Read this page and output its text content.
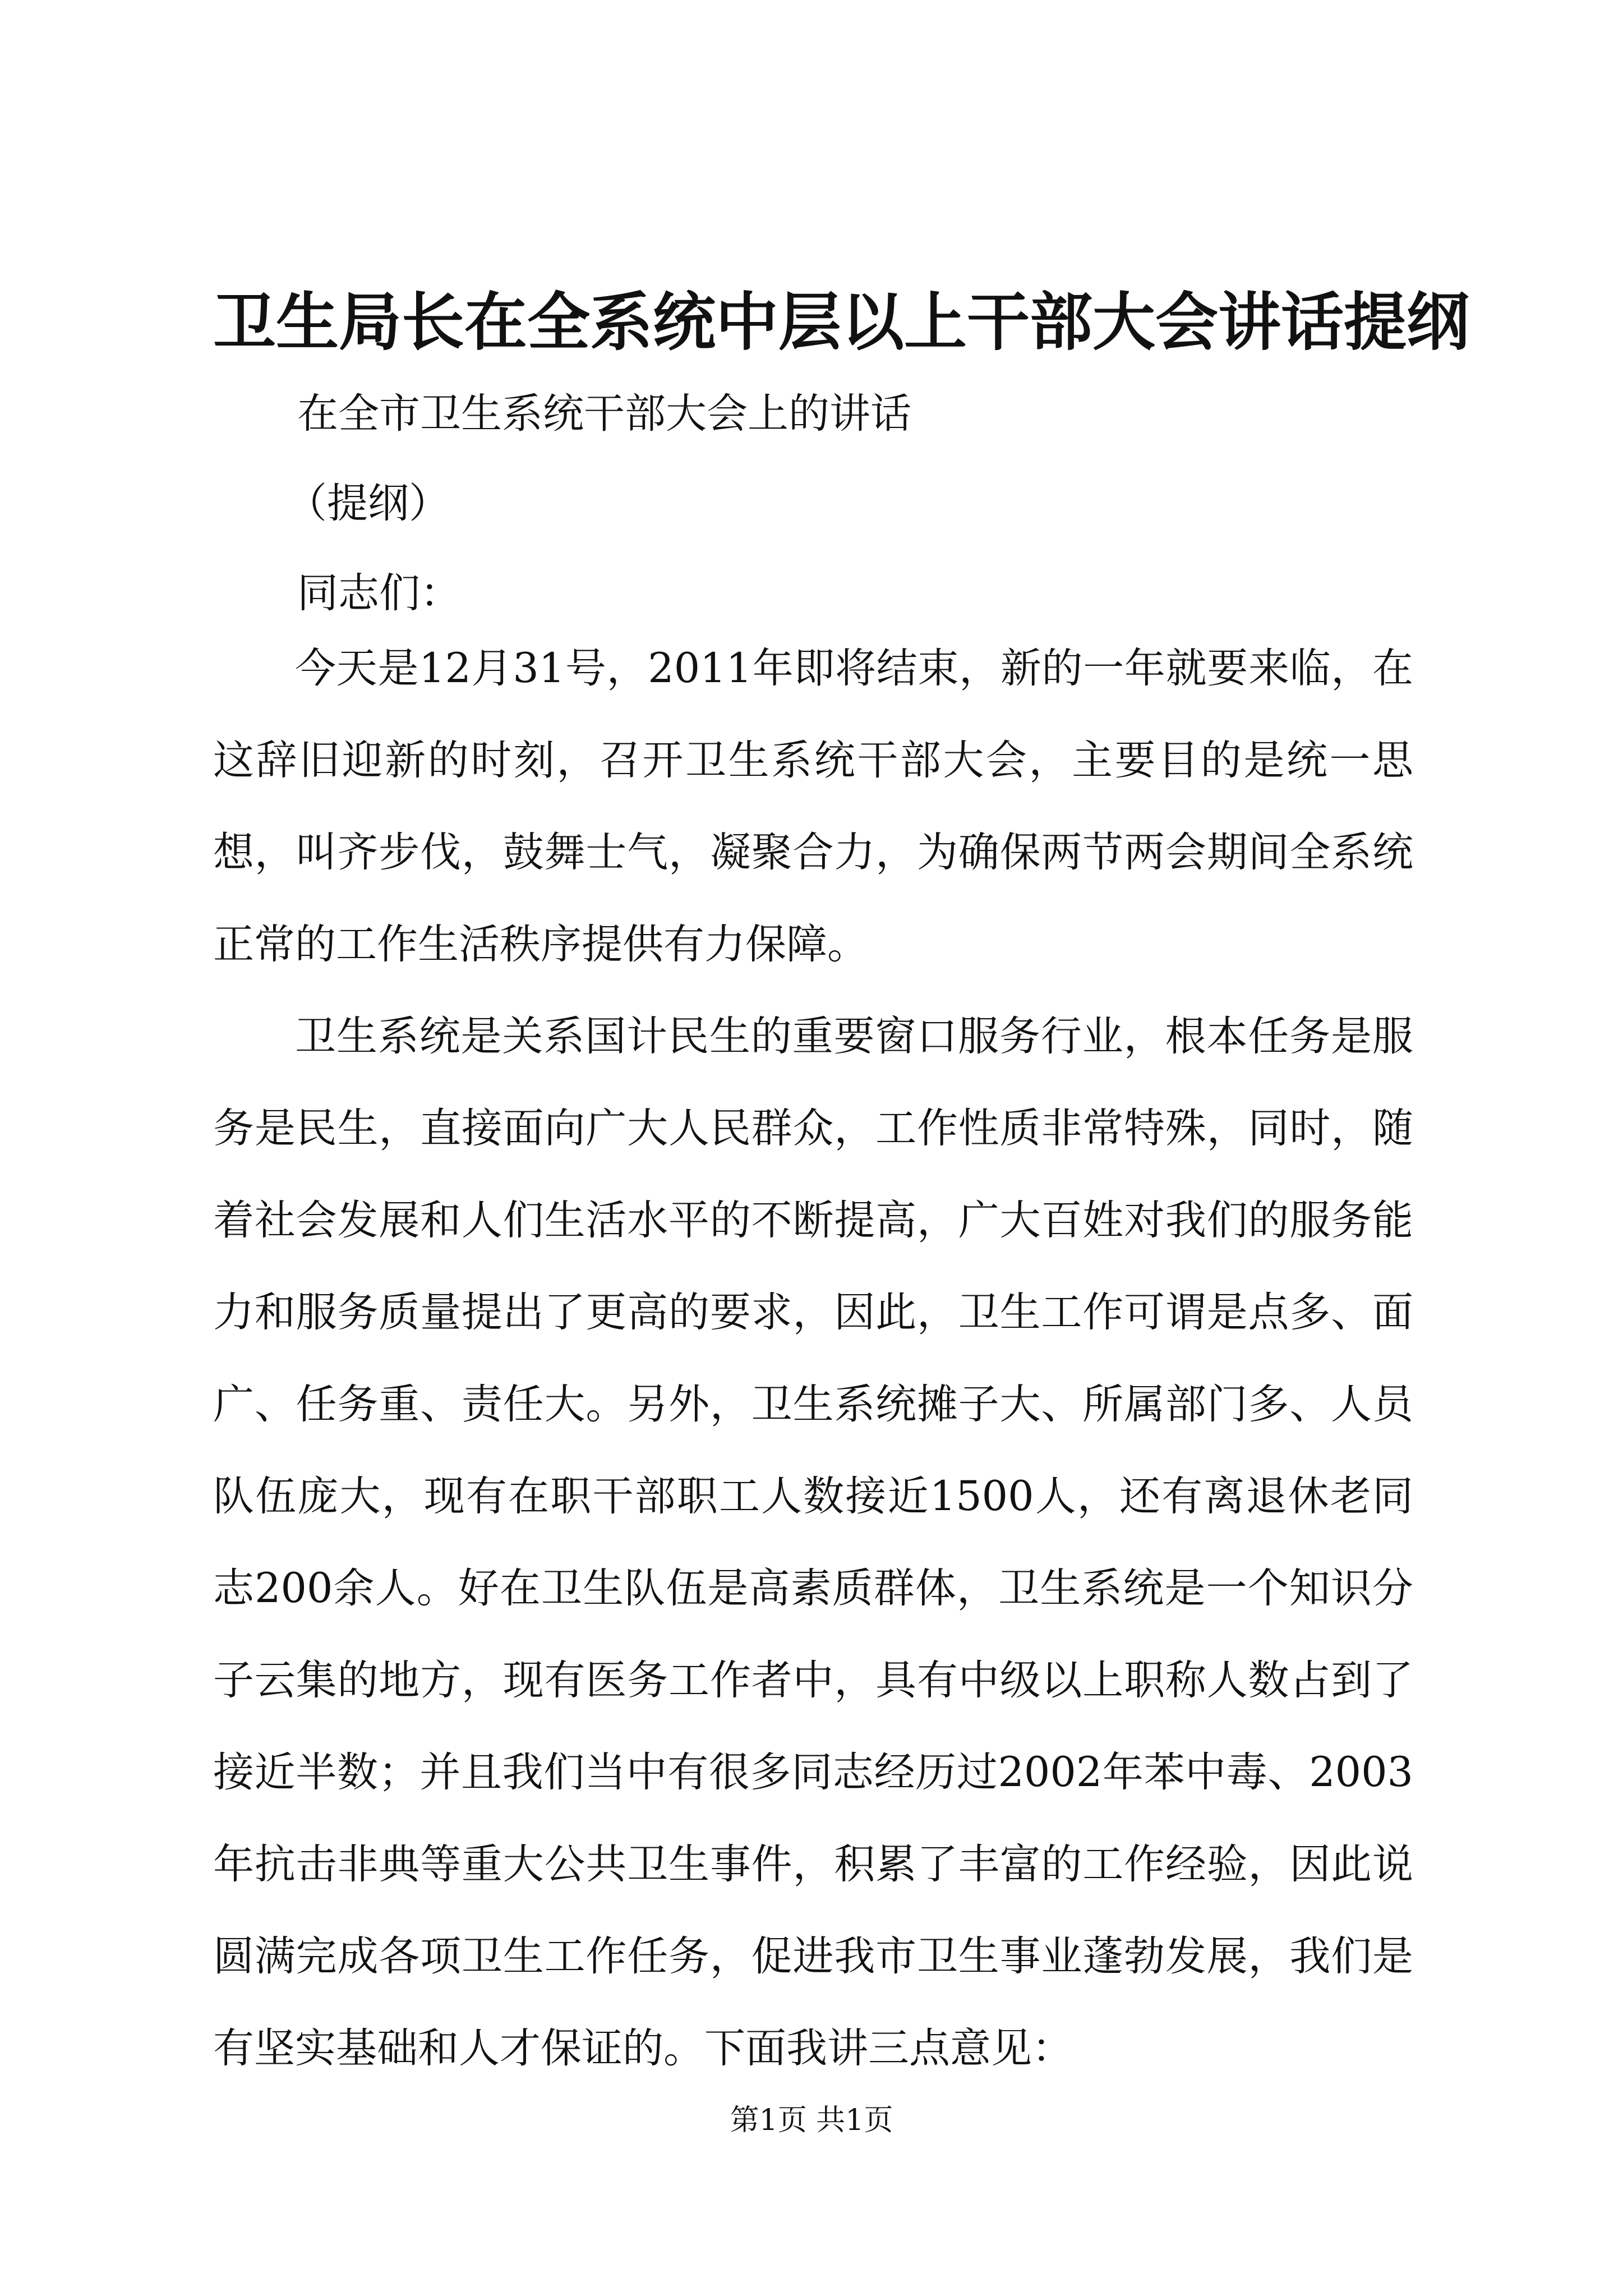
卫生局长在全系统中层以上干部大会讲话提纲

在全市卫生系统干部大会上的讲话

（提纲）

同志们：

今天是12月31号，2011年即将结束，新的一年就要来临，在这辞旧迎新的时刻，召开卫生系统干部大会，主要目的是统一思想，叫齐步伐，鼓舞士气，凝聚合力，为确保两节两会期间全系统正常的工作生活秩序提供有力保障。

卫生系统是关系国计民生的重要窗口服务行业，根本任务是服务是民生，直接面向广大人民群众，工作性质非常特殊，同时，随着社会发展和人们生活水平的不断提高，广大百姓对我们的服务能力和服务质量提出了更高的要求，因此，卫生工作可谓是点多、面广、任务重、责任大。另外，卫生系统摊子大、所属部门多、人员队伍庞大，现有在职干部职工人数接近1500人，还有离退休老同志200余人。好在卫生队伍是高素质群体，卫生系统是一个知识分子云集的地方，现有医务工作者中，具有中级以上职称人数占到了接近半数；并且我们当中有很多同志经历过2002年苯中毒、2003年抗击非典等重大公共卫生事件，积累了丰富的工作经验，因此说圆满完成各项卫生工作任务，促进我市卫生事业蓬勃发展，我们是有坚实基础和人才保证的。下面我讲三点意见：

第1页 共1页
